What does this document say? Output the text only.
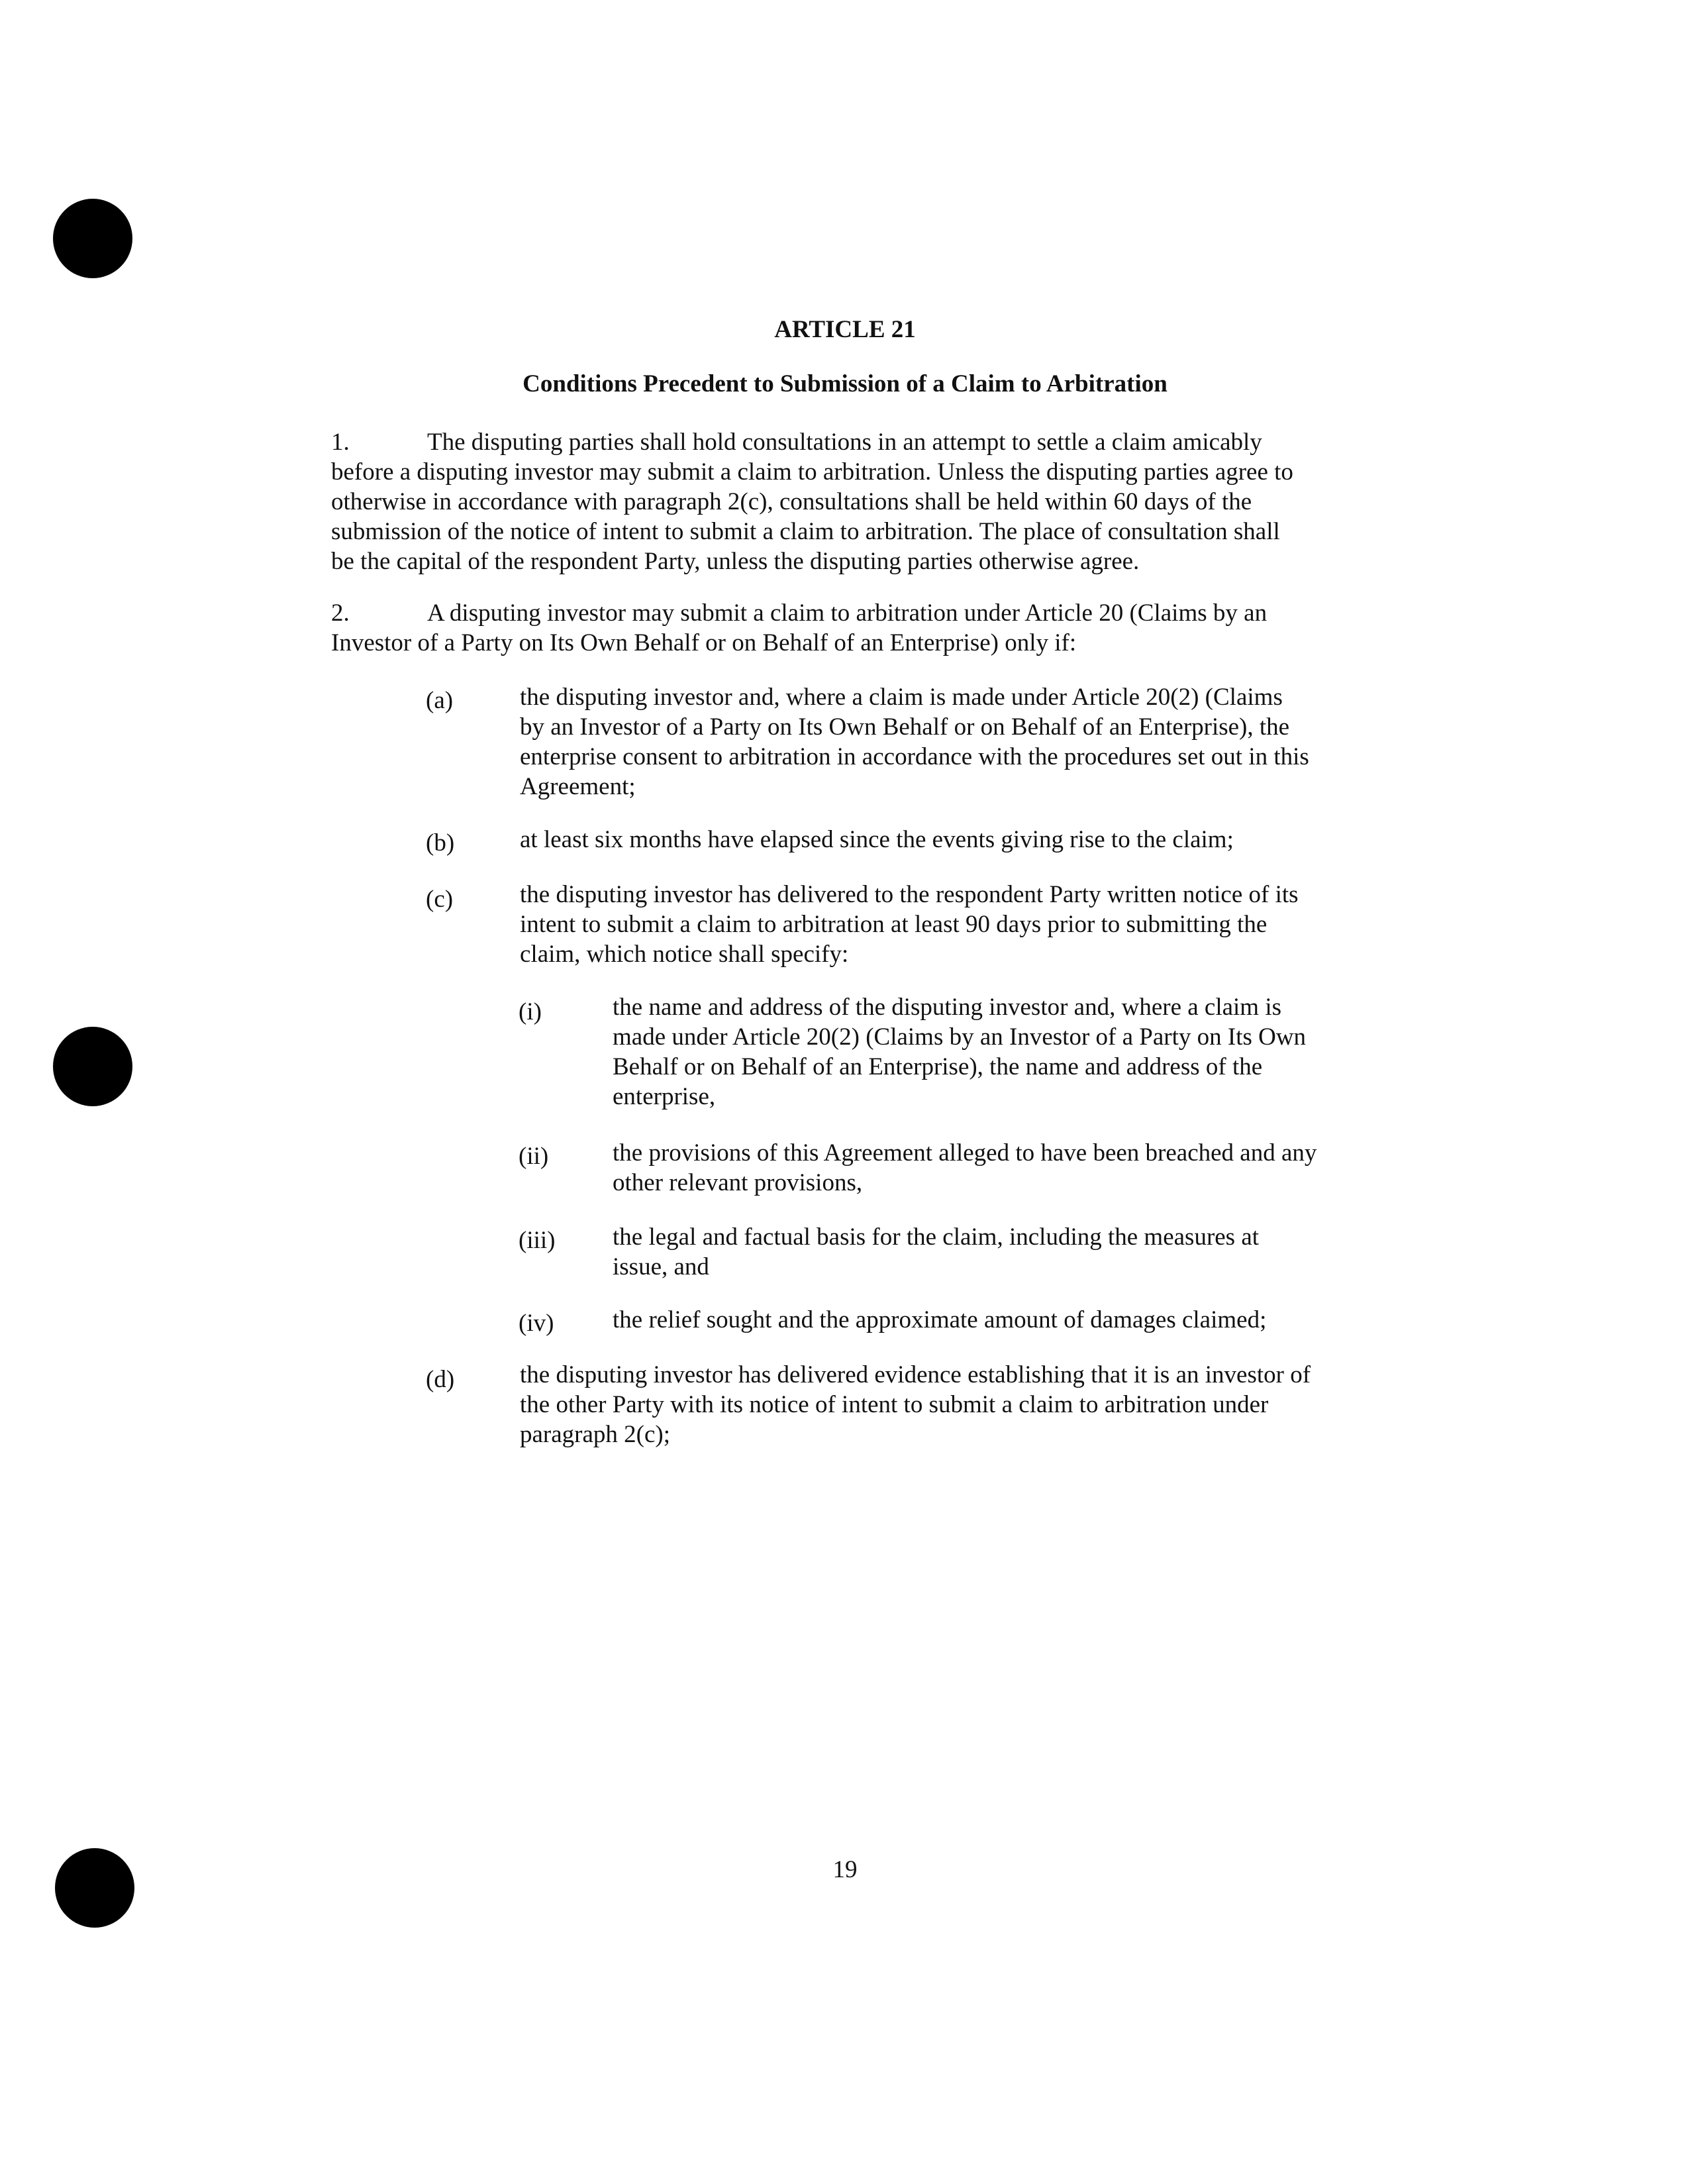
ARTICLE 21
Conditions Precedent to Submission of a Claim to Arbitration
1.	The disputing parties shall hold consultations in an attempt to settle a claim amicably
before a disputing investor may submit a claim to arbitration. Unless the disputing parties agree to
otherwise in accordance with paragraph 2(c), consultations shall be held within 60 days of the
submission of the notice of intent to submit a claim to arbitration. The place of consultation shall
be the capital of the respondent Party, unless the disputing parties otherwise agree.
2.	A disputing investor may submit a claim to arbitration under Article 20 (Claims by an
Investor of a Party on Its Own Behalf or on Behalf of an Enterprise) only if:
(a)	the disputing investor and, where a claim is made under Article 20(2) (Claims
by an Investor of a Party on Its Own Behalf or on Behalf of an Enterprise), the
enterprise consent to arbitration in accordance with the procedures set out in this
Agreement;
(b)	at least six months have elapsed since the events giving rise to the claim;
(c)	the disputing investor has delivered to the respondent Party written notice of its
intent to submit a claim to arbitration at least 90 days prior to submitting the
claim, which notice shall specify:
(i)	the name and address of the disputing investor and, where a claim is
made under Article 20(2) (Claims by an Investor of a Party on Its Own
Behalf or on Behalf of an Enterprise), the name and address of the
enterprise,
(ii)	the provisions of this Agreement alleged to have been breached and any
other relevant provisions,
(iii) the legal and factual basis for the claim, including the measures at
issue, and
(iv) the relief sought and the approximate amount of damages claimed;
(d)	the disputing investor has delivered evidence establishing that it is an investor of
the other Party with its notice of intent to submit a claim to arbitration under
paragraph 2(c);
19
